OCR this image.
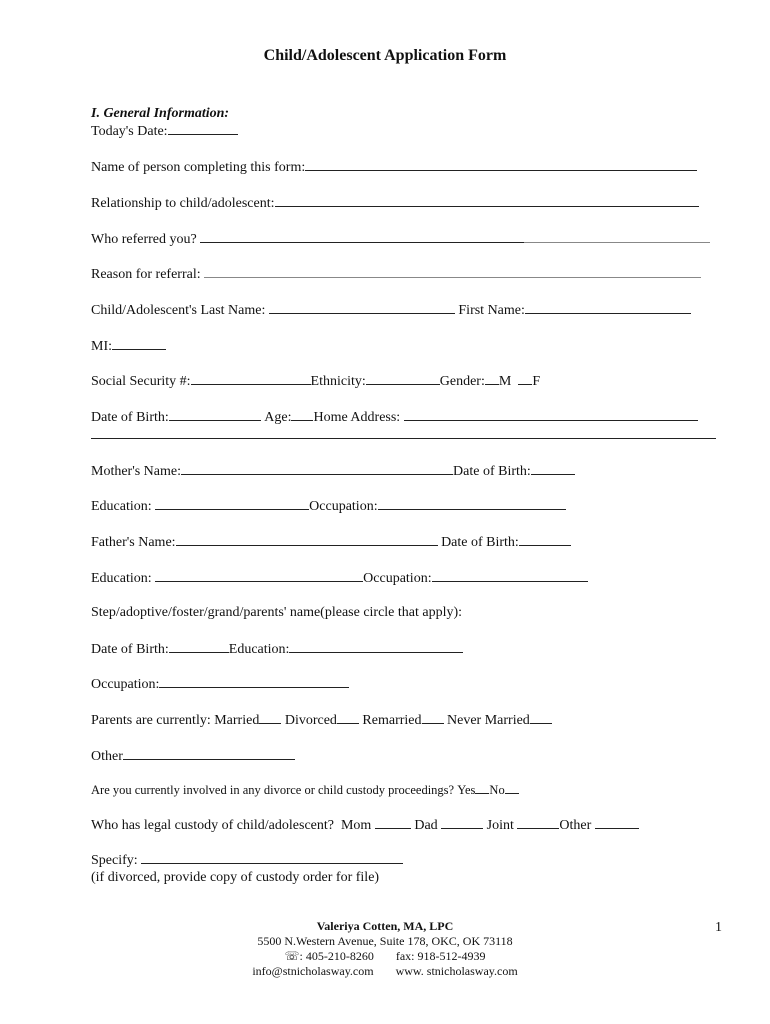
Child/Adolescent Application Form
I. General Information:
Today's Date:
Name of person completing this form:
Relationship to child/adolescent:
Who referred you?
Reason for referral:
Child/Adolescent's Last Name:	First Name:
MI:
Social Security #:	Ethnicity:	Gender: M F
Date of Birth:	Age: Home Address:
Mother's Name:	Date of Birth:
Education:	Occupation:
Father's Name:	Date of Birth:
Education:	Occupation:
Step/adoptive/foster/grand/parents' name(please circle that apply):
Date of Birth:	Education:
Occupation:
Parents are currently: Married Divorced Remarried Never Married
Other
Are you currently involved in any divorce or child custody proceedings? Yes No
Who has legal custody of child/adolescent? Mom	Dad	Joint	Other
Specify:
(if divorced, provide copy of custody order for file)
Valeriya Cotten, MA, LPC
5500 N.Western Avenue, Suite 178, OKC, OK 73118
☏: 405-210-8260 fax: 918-512-4939
info@stnicholasway.com www. stnicholasway.com
1
